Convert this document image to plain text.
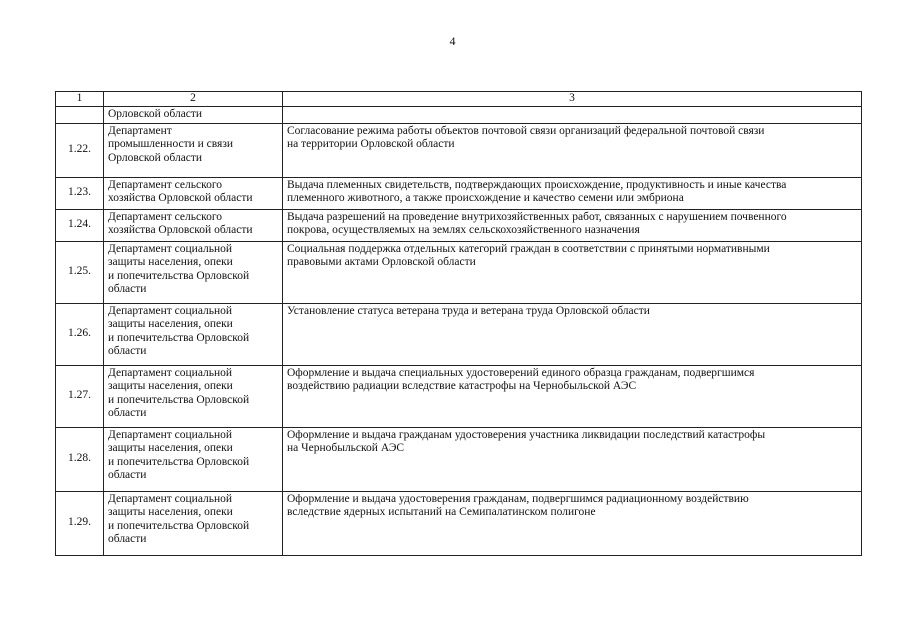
4
1	2	3
	Орловской области	
1.22.	Департамент
промышленности и связи
Орловской области	Согласование режима работы объектов почтовой связи организаций федеральной почтовой связи
на территории Орловской области
1.23.	Департамент сельского
хозяйства Орловской области	Выдача племенных свидетельств, подтверждающих происхождение, продуктивность и иные качества
племенного животного, а также происхождение и качество семени или эмбриона
1.24.	Департамент сельского
хозяйства Орловской области	Выдача разрешений на проведение внутрихозяйственных работ, связанных с нарушением почвенного
покрова, осуществляемых на землях сельскохозяйственного назначения
1.25.	Департамент социальной
защиты населения, опеки
и попечительства Орловской
области	Социальная поддержка отдельных категорий граждан в соответствии с принятыми нормативными
правовыми актами Орловской области
1.26.	Департамент социальной
защиты населения, опеки
и попечительства Орловской
области	Установление статуса ветерана труда и ветерана труда Орловской области
1.27.	Департамент социальной
защиты населения, опеки
и попечительства Орловской
области	Оформление и выдача специальных удостоверений единого образца гражданам, подвергшимся
воздействию радиации вследствие катастрофы на Чернобыльской АЭС
1.28.	Департамент социальной
защиты населения, опеки
и попечительства Орловской
области	Оформление и выдача гражданам удостоверения участника ликвидации последствий катастрофы
на Чернобыльской АЭС
1.29.	Департамент социальной
защиты населения, опеки
и попечительства Орловской
области	Оформление и выдача удостоверения гражданам, подвергшимся радиационному воздействию
вследствие ядерных испытаний на Семипалатинском полигоне
